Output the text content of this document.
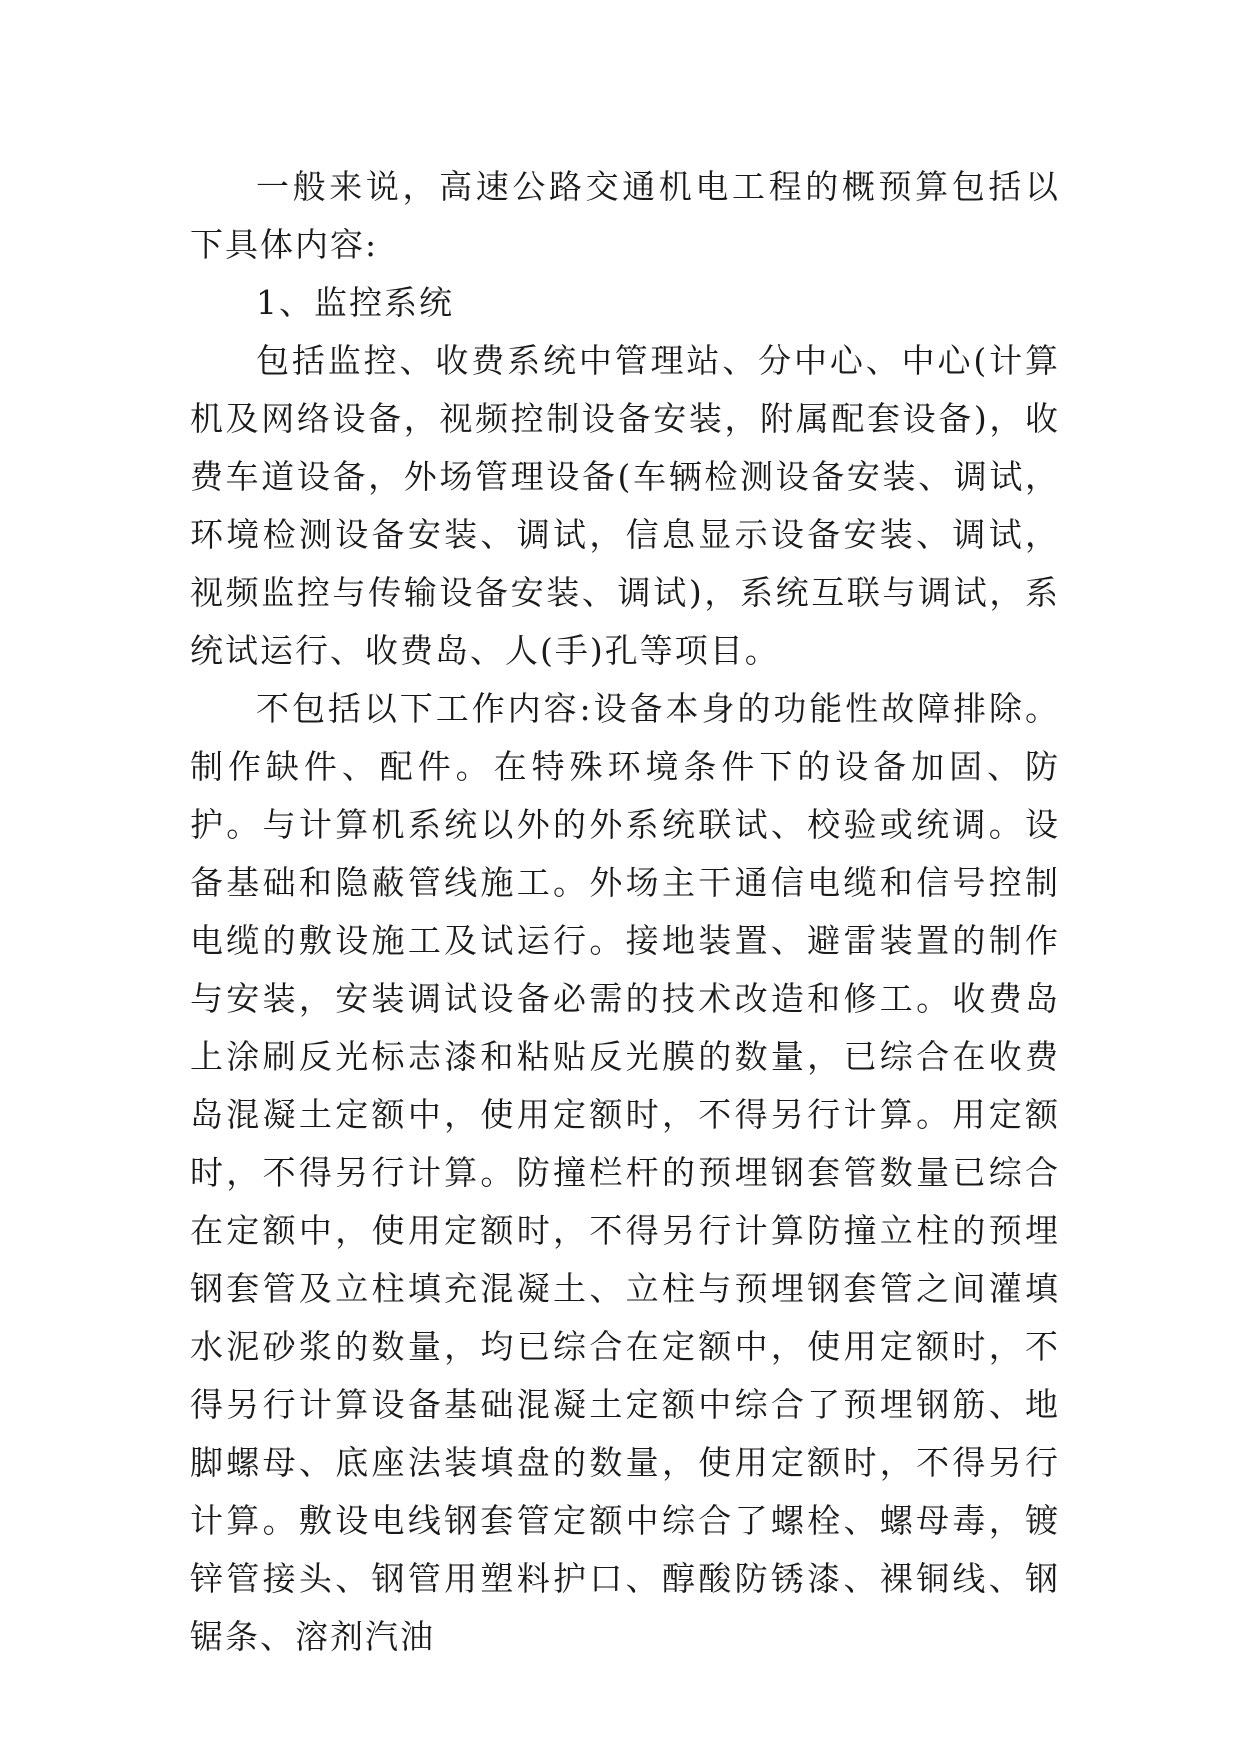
一般来说，高速公路交通机电工程的概预算包括以下具体内容:

1、监控系统

包括监控、收费系统中管理站、分中心、中心(计算机及网络设备，视频控制设备安装，附属配套设备)，收费车道设备，外场管理设备(车辆检测设备安装、调试，环境检测设备安装、调试，信息显示设备安装、调试，视频监控与传输设备安装、调试)，系统互联与调试，系统试运行、收费岛、人(手)孔等项目。

不包括以下工作内容:设备本身的功能性故障排除。制作缺件、配件。在特殊环境条件下的设备加固、防护。与计算机系统以外的外系统联试、校验或统调。设备基础和隐蔽管线施工。外场主干通信电缆和信号控制电缆的敷设施工及试运行。接地装置、避雷装置的制作与安装，安装调试设备必需的技术改造和修工。收费岛上涂刷反光标志漆和粘贴反光膜的数量，已综合在收费岛混凝土定额中，使用定额时，不得另行计算。用定额时，不得另行计算。防撞栏杆的预埋钢套管数量已综合在定额中，使用定额时，不得另行计算防撞立柱的预埋钢套管及立柱填充混凝土、立柱与预埋钢套管之间灌填水泥砂浆的数量，均已综合在定额中，使用定额时，不得另行计算设备基础混凝土定额中综合了预埋钢筋、地脚螺母、底座法装填盘的数量，使用定额时，不得另行计算。敷设电线钢套管定额中综合了螺栓、螺母毒，镀锌管接头、钢管用塑料护口、醇酸防锈漆、裸铜线、钢锯条、溶剂汽油
